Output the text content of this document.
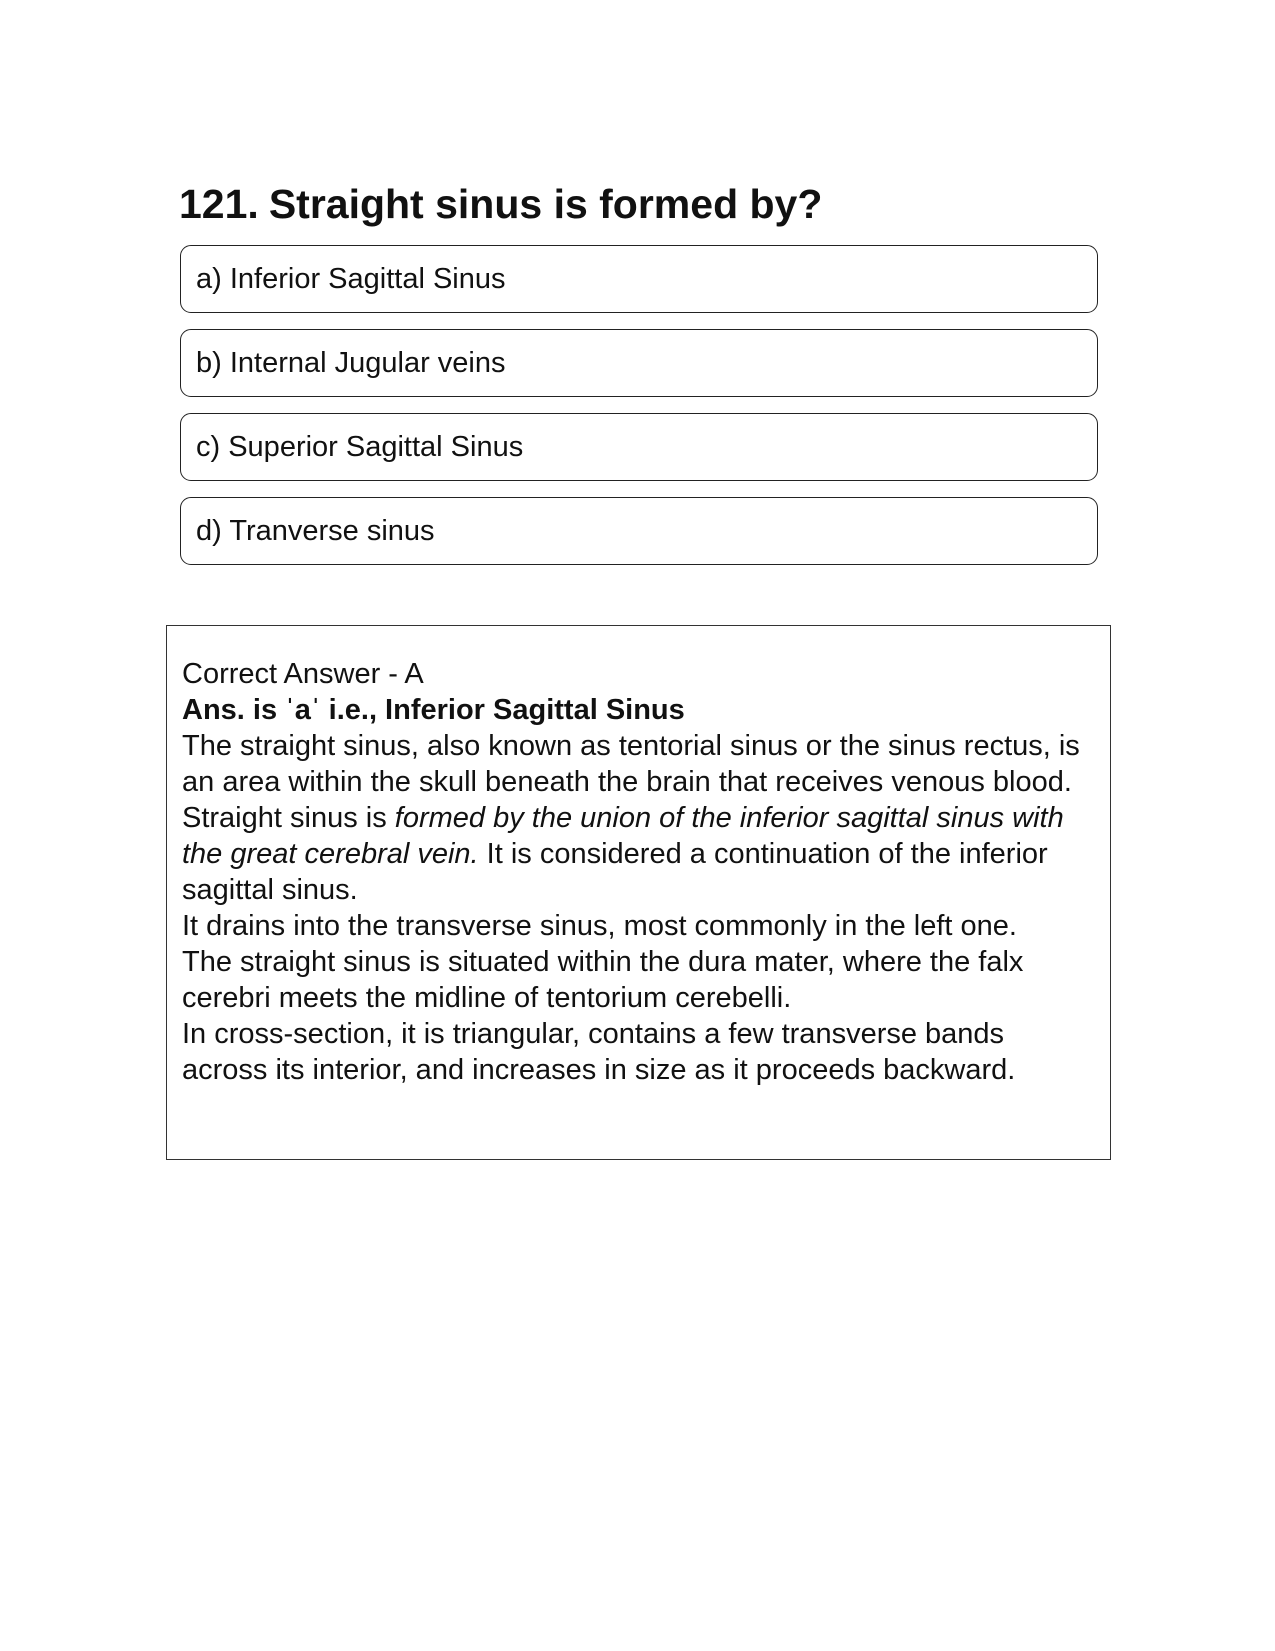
121. Straight sinus is formed by?
a) Inferior Sagittal Sinus
b) Internal Jugular veins
c) Superior Sagittal Sinus
d) Tranverse sinus

Correct Answer - A

Ans. is ˈaˈ i.e., Inferior Sagittal Sinus

The straight sinus, also known as tentorial sinus or the sinus rectus, is an area within the skull beneath the brain that receives venous blood.

Straight sinus is formed by the union of the inferior sagittal sinus with the great cerebral vein. It is considered a continuation of the inferior sagittal sinus.

It drains into the transverse sinus, most commonly in the left one.

The straight sinus is situated within the dura mater, where the falx cerebri meets the midline of tentorium cerebelli.

In cross-section, it is triangular, contains a few transverse bands across its interior, and increases in size as it proceeds backward.
